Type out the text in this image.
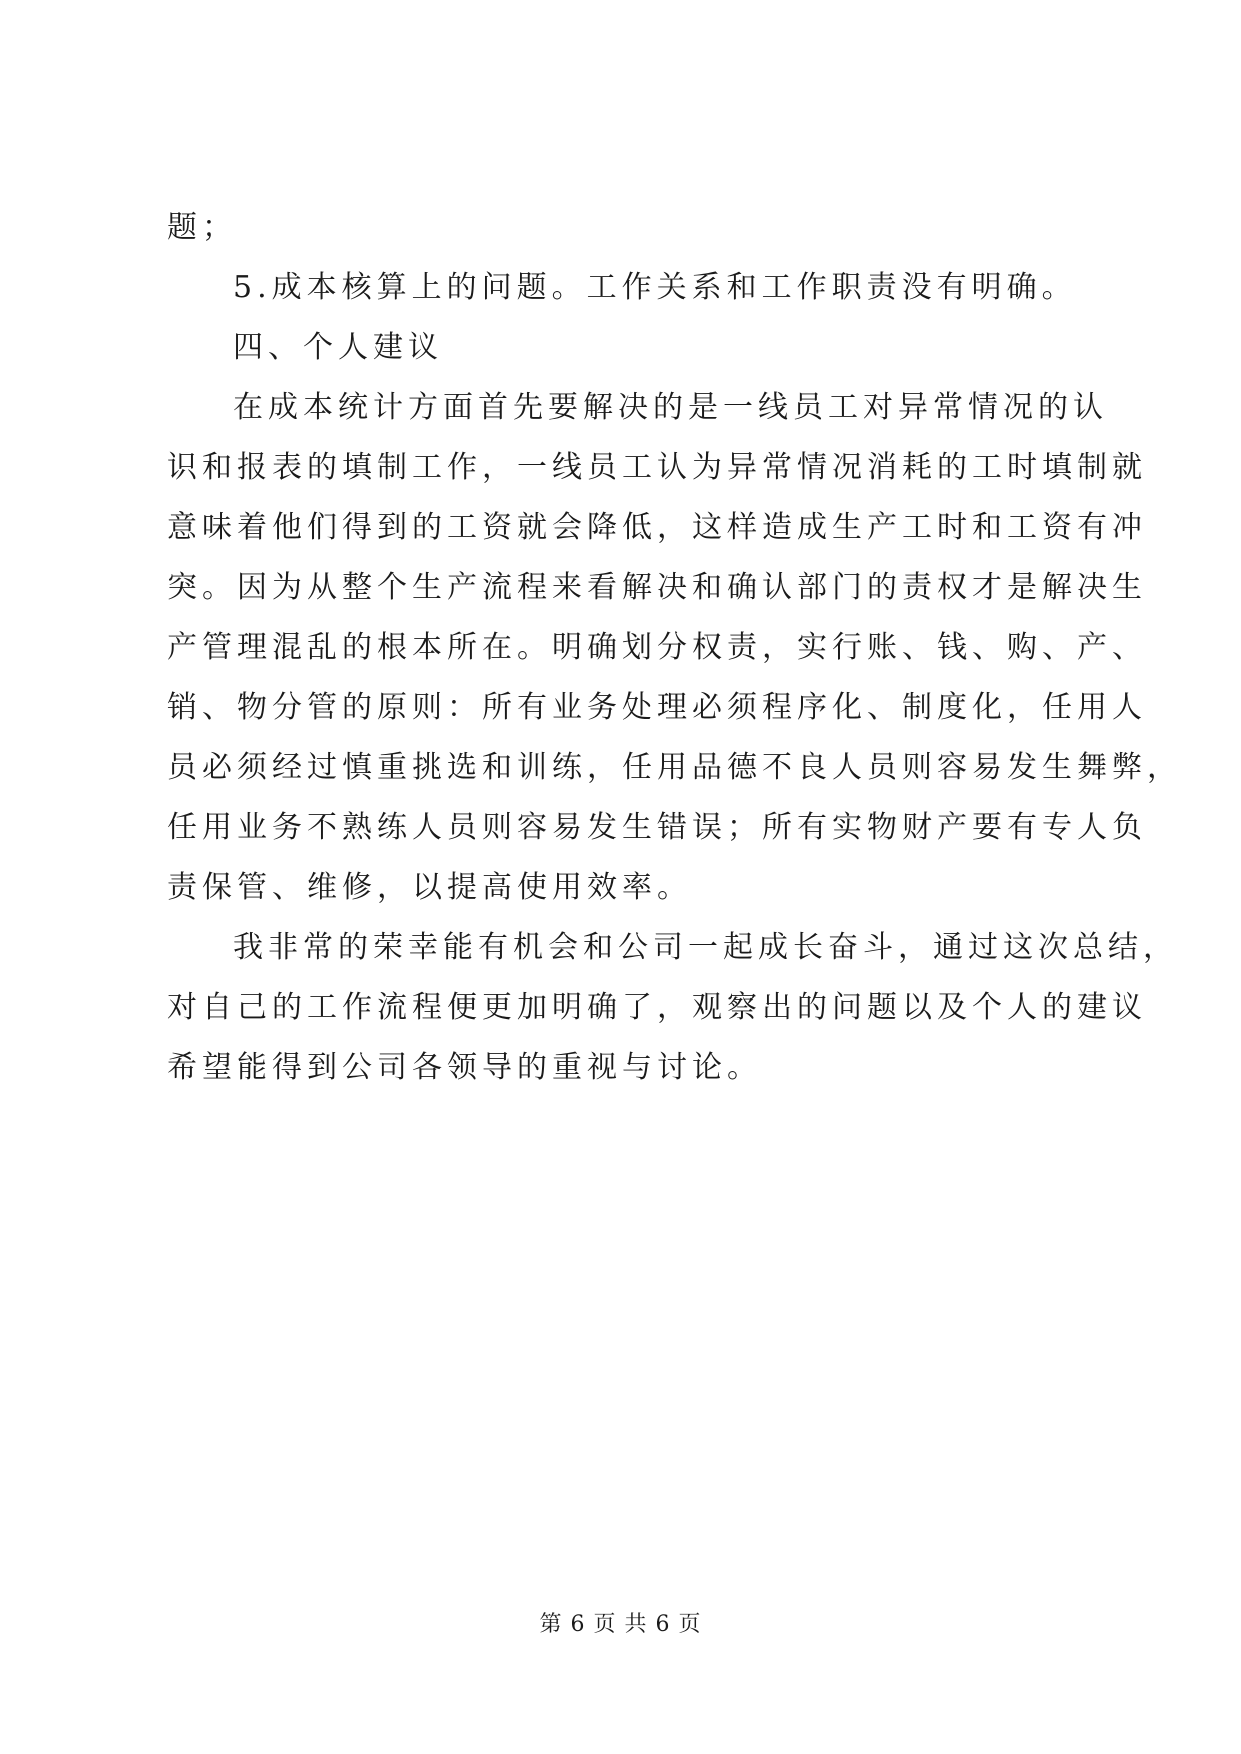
题；
5.成本核算上的问题。工作关系和工作职责没有明确。
四、个人建议
在成本统计方面首先要解决的是一线员工对异常情况的认
识和报表的填制工作，一线员工认为异常情况消耗的工时填制就
意味着他们得到的工资就会降低，这样造成生产工时和工资有冲
突。因为从整个生产流程来看解决和确认部门的责权才是解决生
产管理混乱的根本所在。明确划分权责，实行账、钱、购、产、
销、物分管的原则：所有业务处理必须程序化、制度化，任用人
员必须经过慎重挑选和训练，任用品德不良人员则容易发生舞弊，
任用业务不熟练人员则容易发生错误；所有实物财产要有专人负
责保管、维修，以提高使用效率。
我非常的荣幸能有机会和公司一起成长奋斗，通过这次总结，
对自己的工作流程便更加明确了，观察出的问题以及个人的建议
希望能得到公司各领导的重视与讨论。
第 6 页 共 6 页
